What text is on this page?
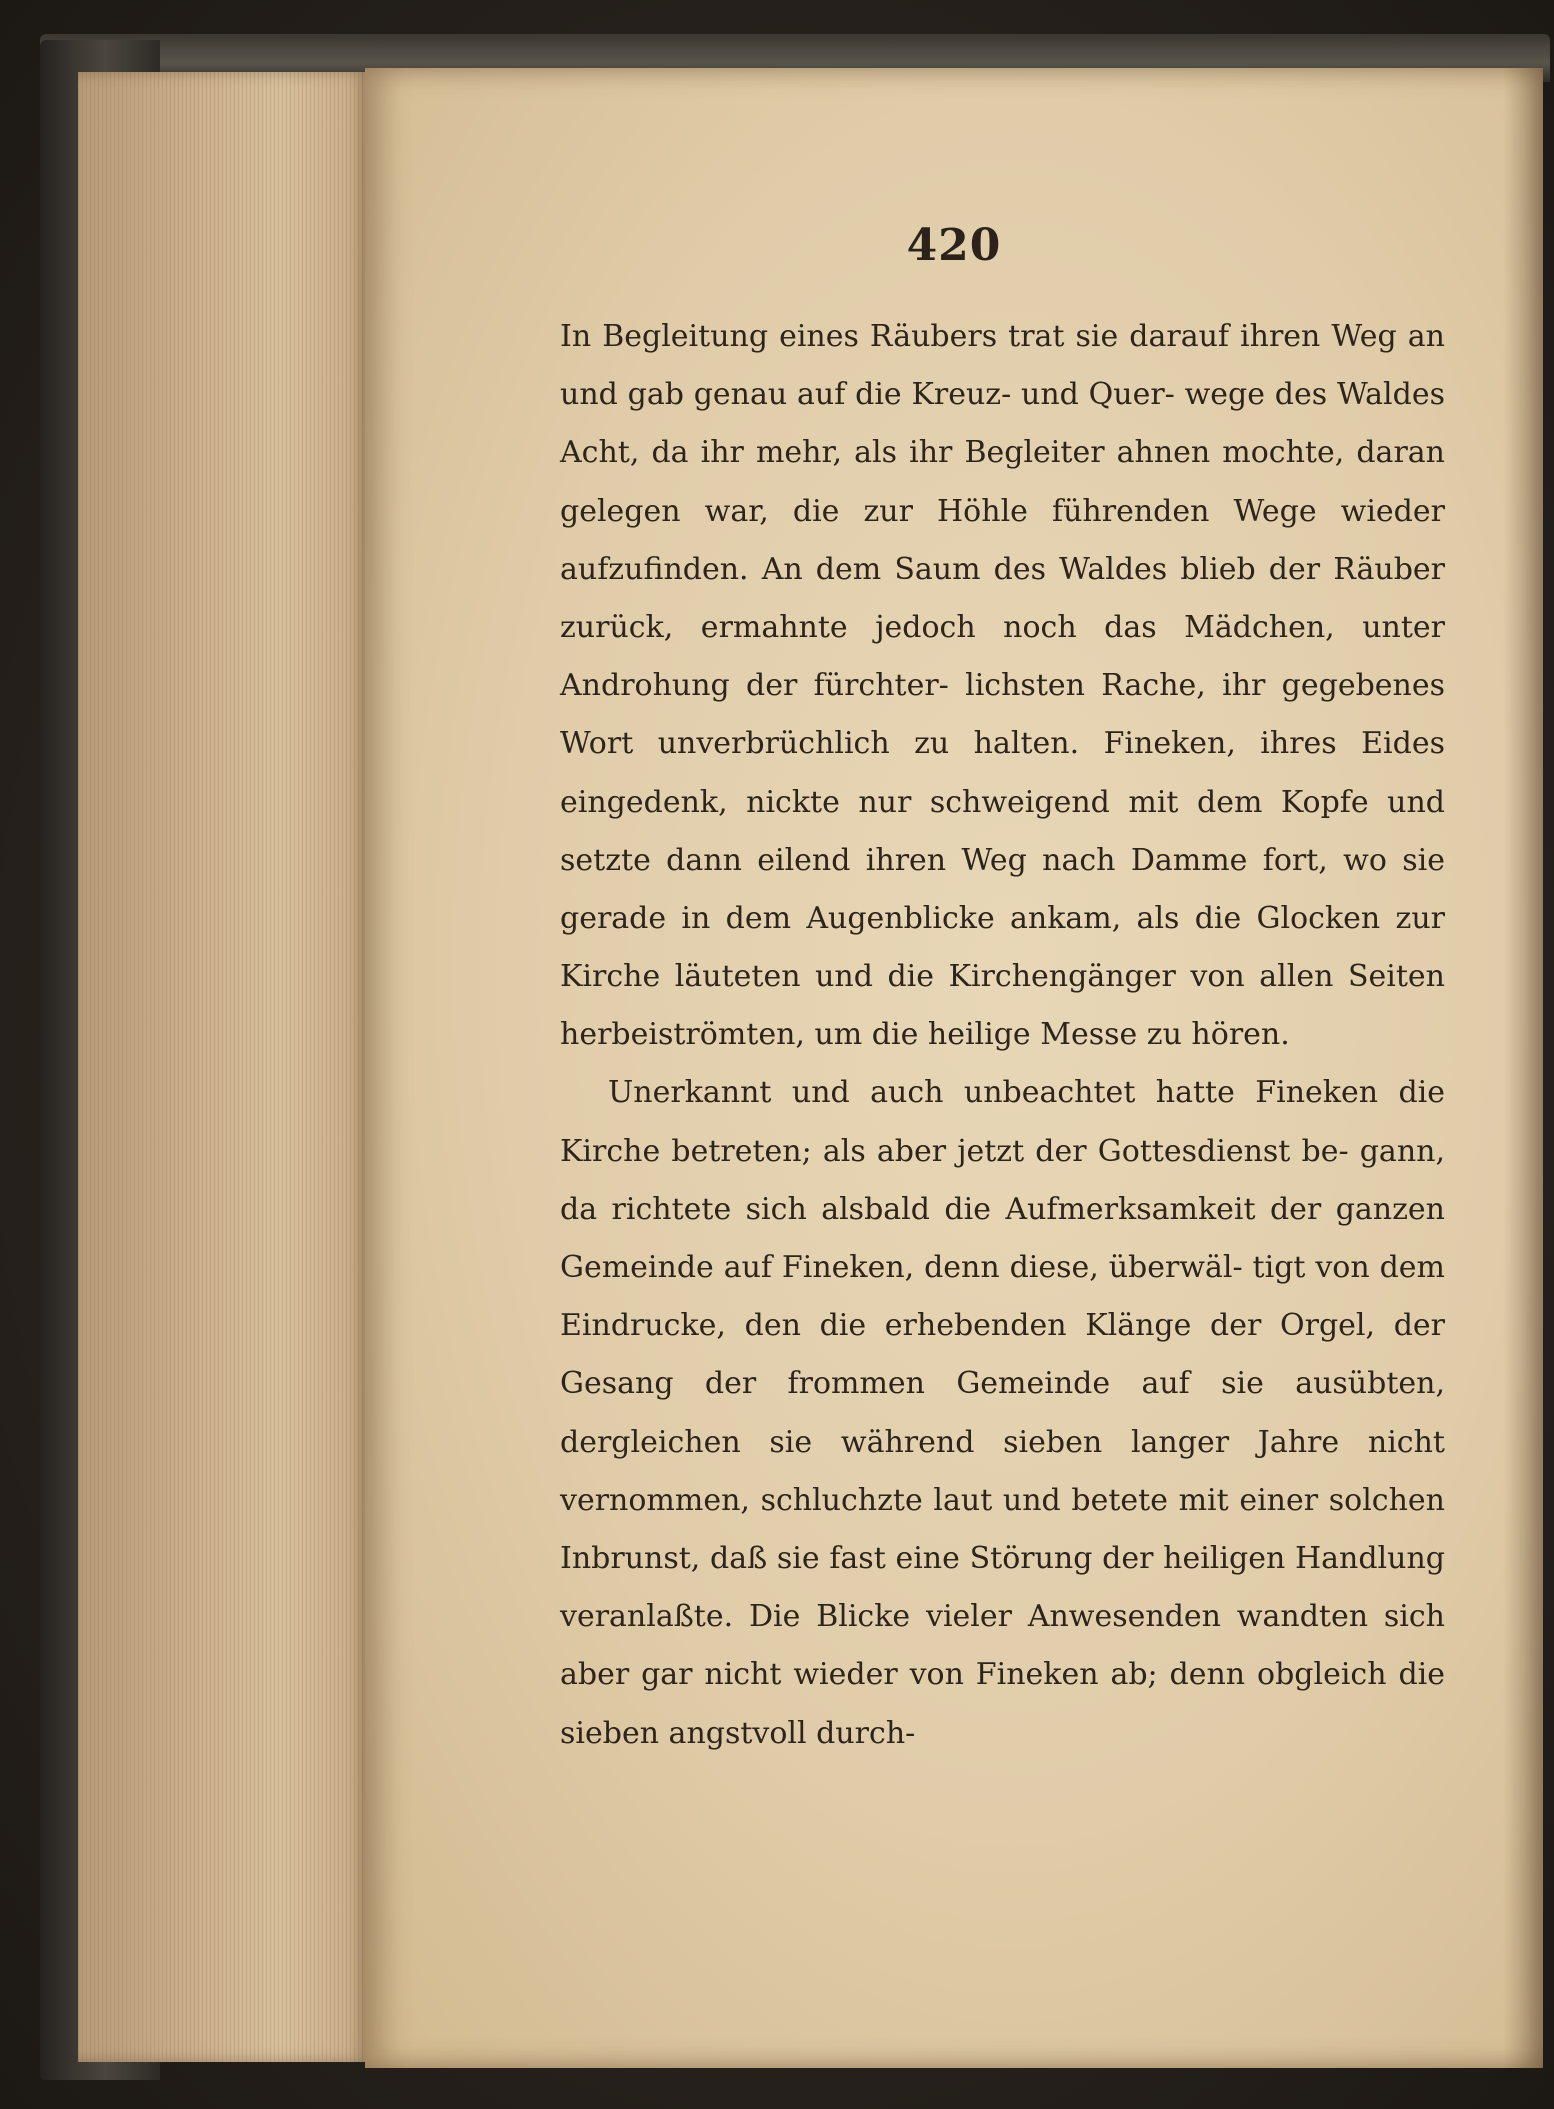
420

In Begleitung eines Räubers trat sie darauf ihren Weg an und gab genau auf die Kreuz- und Quer- wege des Waldes Acht, da ihr mehr, als ihr Begleiter ahnen mochte, daran gelegen war, die zur Höhle führenden Wege wieder aufzufinden. An dem Saum des Waldes blieb der Räuber zurück, ermahnte jedoch noch das Mädchen, unter Androhung der fürchter- lichsten Rache, ihr gegebenes Wort unverbrüchlich zu halten. Fineken, ihres Eides eingedenk, nickte nur schweigend mit dem Kopfe und setzte dann eilend ihren Weg nach Damme fort, wo sie gerade in dem Augenblicke ankam, als die Glocken zur Kirche läuteten und die Kirchengänger von allen Seiten herbeiströmten, um die heilige Messe zu hören.

Unerkannt und auch unbeachtet hatte Fineken die Kirche betreten; als aber jetzt der Gottesdienst be- gann, da richtete sich alsbald die Aufmerksamkeit der ganzen Gemeinde auf Fineken, denn diese, überwäl- tigt von dem Eindrucke, den die erhebenden Klänge der Orgel, der Gesang der frommen Gemeinde auf sie ausübten, dergleichen sie während sieben langer Jahre nicht vernommen, schluchzte laut und betete mit einer solchen Inbrunst, daß sie fast eine Störung der heiligen Handlung veranlaßte. Die Blicke vieler Anwesenden wandten sich aber gar nicht wieder von Fineken ab; denn obgleich die sieben angstvoll durch-
